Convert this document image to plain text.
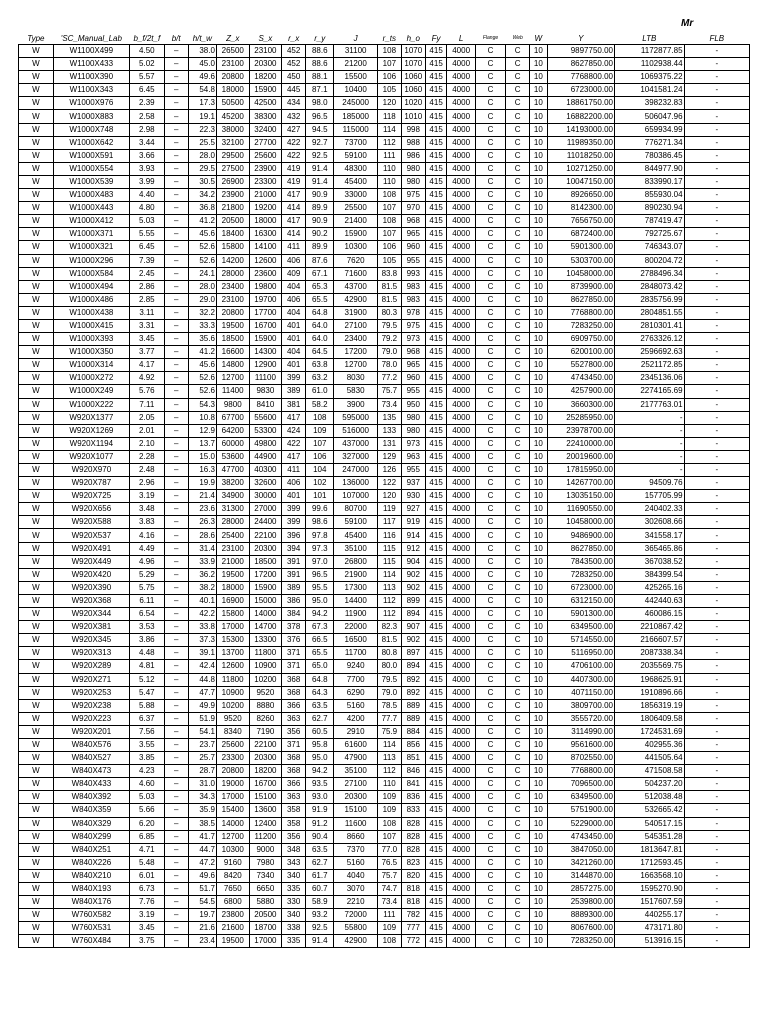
Mr
Type	'SC_Manual_Lab	b_f/2t_f	b/t	h/t_w	Z_x	S_x	r_x	r_y	J	r_ts	h_o	Fy	L	Flange	Web	W	Y	LTB	FLB
W	W1100X499	4.50	–	38.0	26500	23100	452	88.6	31100	108	1070	415	4000	C	C	10	9897750.00	1172877.85	-
W	W1100X433	5.02	–	45.0	23100	20300	452	88.6	21200	107	1070	415	4000	C	C	10	8627850.00	1102938.44	-
W	W1100X390	5.57	–	49.6	20800	18200	450	88.1	15500	106	1060	415	4000	C	C	10	7768800.00	1069375.22	-
W	W1100X343	6.45	–	54.8	18000	15900	445	87.1	10400	105	1060	415	4000	C	C	10	6723000.00	1041581.24	-
W	W1000X976	2.39	–	17.3	50500	42500	434	98.0	245000	120	1020	415	4000	C	C	10	18861750.00	398232.83	-
W	W1000X883	2.58	–	19.1	45200	38300	432	96.5	185000	118	1010	415	4000	C	C	10	16882200.00	506047.96	-
W	W1000X748	2.98	–	22.3	38000	32400	427	94.5	115000	114	998	415	4000	C	C	10	14193000.00	659934.99	-
W	W1000X642	3.44	–	25.5	32100	27700	422	92.7	73700	112	988	415	4000	C	C	10	11989350.00	776271.34	-
W	W1000X591	3.66	–	28.0	29500	25600	422	92.5	59100	111	986	415	4000	C	C	10	11018250.00	780386.45	-
W	W1000X554	3.93	–	29.5	27500	23900	419	91.4	48300	110	980	415	4000	C	C	10	10271250.00	844977.90	-
W	W1000X539	3.99	–	30.5	26900	23300	419	91.4	45400	110	980	415	4000	C	C	10	10047150.00	833990.17	-
W	W1000X483	4.40	–	34.2	23900	21000	417	90.9	33000	108	975	415	4000	C	C	10	8926650.00	855930.04	-
W	W1000X443	4.80	–	36.8	21800	19200	414	89.9	25500	107	970	415	4000	C	C	10	8142300.00	890230.94	-
W	W1000X412	5.03	–	41.2	20500	18000	417	90.9	21400	108	968	415	4000	C	C	10	7656750.00	787419.47	-
W	W1000X371	5.55	–	45.6	18400	16300	414	90.2	15900	107	965	415	4000	C	C	10	6872400.00	792725.67	-
W	W1000X321	6.45	–	52.6	15800	14100	411	89.9	10300	106	960	415	4000	C	C	10	5901300.00	746343.07	-
W	W1000X296	7.39	–	52.6	14200	12600	406	87.6	7620	105	955	415	4000	C	C	10	5303700.00	800204.72	-
W	W1000X584	2.45	–	24.1	28000	23600	409	67.1	71600	83.8	993	415	4000	C	C	10	10458000.00	2788496.34	-
W	W1000X494	2.86	–	28.0	23400	19800	404	65.3	43700	81.5	983	415	4000	C	C	10	8739900.00	2848073.42	-
W	W1000X486	2.85	–	29.0	23100	19700	406	65.5	42900	81.5	983	415	4000	C	C	10	8627850.00	2835756.99	-
W	W1000X438	3.11	–	32.2	20800	17700	404	64.8	31900	80.3	978	415	4000	C	C	10	7768800.00	2804851.55	-
W	W1000X415	3.31	–	33.3	19500	16700	401	64.0	27100	79.5	975	415	4000	C	C	10	7283250.00	2810301.41	-
W	W1000X393	3.45	–	35.6	18500	15900	401	64.0	23400	79.2	973	415	4000	C	C	10	6909750.00	2763326.12	-
W	W1000X350	3.77	–	41.2	16600	14300	404	64.5	17200	79.0	968	415	4000	C	C	10	6200100.00	2596692.63	-
W	W1000X314	4.17	–	45.6	14800	12900	401	63.8	12700	78.0	965	415	4000	C	C	10	5527800.00	2521172.85	-
W	W1000X272	4.92	–	52.6	12700	11100	399	63.2	8030	77.2	960	415	4000	C	C	10	4743450.00	2345136.06	-
W	W1000X249	5.76	–	52.6	11400	9830	389	61.0	5830	75.7	955	415	4000	C	C	10	4257900.00	2274165.69	-
W	W1000X222	7.11	–	54.3	9800	8410	381	58.2	3900	73.4	950	415	4000	C	C	10	3660300.00	2177763.01	-
W	W920X1377	2.05	–	10.8	67700	55600	417	108	595000	135	980	415	4000	C	C	10	25285950.00	-	-
W	W920X1269	2.01	–	12.9	64200	53300	424	109	516000	133	980	415	4000	C	C	10	23978700.00	-	-
W	W920X1194	2.10	–	13.7	60000	49800	422	107	437000	131	973	415	4000	C	C	10	22410000.00	-	-
W	W920X1077	2.28	–	15.0	53600	44900	417	106	327000	129	963	415	4000	C	C	10	20019600.00	-	-
W	W920X970	2.48	–	16.3	47700	40300	411	104	247000	126	955	415	4000	C	C	10	17815950.00	-	-
W	W920X787	2.96	–	19.9	38200	32600	406	102	136000	122	937	415	4000	C	C	10	14267700.00	94509.76	-
W	W920X725	3.19	–	21.4	34900	30000	401	101	107000	120	930	415	4000	C	C	10	13035150.00	157705.99	-
W	W920X656	3.48	–	23.6	31300	27000	399	99.6	80700	119	927	415	4000	C	C	10	11690550.00	240402.33	-
W	W920X588	3.83	–	26.3	28000	24400	399	98.6	59100	117	919	415	4000	C	C	10	10458000.00	302608.66	-
W	W920X537	4.16	–	28.6	25400	22100	396	97.8	45400	116	914	415	4000	C	C	10	9486900.00	341558.17	-
W	W920X491	4.49	–	31.4	23100	20300	394	97.3	35100	115	912	415	4000	C	C	10	8627850.00	365465.86	-
W	W920X449	4.96	–	33.9	21000	18500	391	97.0	26800	115	904	415	4000	C	C	10	7843500.00	367038.52	-
W	W920X420	5.29	–	36.2	19500	17200	391	96.5	21900	114	902	415	4000	C	C	10	7283250.00	384399.54	-
W	W920X390	5.75	–	38.2	18000	15900	389	95.5	17300	113	902	415	4000	C	C	10	6723000.00	425265.16	-
W	W920X368	6.11	–	40.1	16900	15000	386	95.0	14400	112	899	415	4000	C	C	10	6312150.00	442440.63	-
W	W920X344	6.54	–	42.2	15800	14000	384	94.2	11900	112	894	415	4000	C	C	10	5901300.00	460086.15	-
W	W920X381	3.53	–	33.8	17000	14700	378	67.3	22000	82.3	907	415	4000	C	C	10	6349500.00	2210867.42	-
W	W920X345	3.86	–	37.3	15300	13300	376	66.5	16500	81.5	902	415	4000	C	C	10	5714550.00	2166607.57	-
W	W920X313	4.48	–	39.1	13700	11800	371	65.5	11700	80.8	897	415	4000	C	C	10	5116950.00	2087338.34	-
W	W920X289	4.81	–	42.4	12600	10900	371	65.0	9240	80.0	894	415	4000	C	C	10	4706100.00	2035569.75	-
W	W920X271	5.12	–	44.8	11800	10200	368	64.8	7700	79.5	892	415	4000	C	C	10	4407300.00	1968625.91	-
W	W920X253	5.47	–	47.7	10900	9520	368	64.3	6290	79.0	892	415	4000	C	C	10	4071150.00	1910896.66	-
W	W920X238	5.88	–	49.9	10200	8880	366	63.5	5160	78.5	889	415	4000	C	C	10	3809700.00	1856319.19	-
W	W920X223	6.37	–	51.9	9520	8260	363	62.7	4200	77.7	889	415	4000	C	C	10	3555720.00	1806409.58	-
W	W920X201	7.56	–	54.1	8340	7190	356	60.5	2910	75.9	884	415	4000	C	C	10	3114990.00	1724531.69	-
W	W840X576	3.55	–	23.7	25600	22100	371	95.8	61600	114	856	415	4000	C	C	10	9561600.00	402955.36	-
W	W840X527	3.85	–	25.7	23300	20300	368	95.0	47900	113	851	415	4000	C	C	10	8702550.00	441505.64	-
W	W840X473	4.23	–	28.7	20800	18200	368	94.2	35100	112	846	415	4000	C	C	10	7768800.00	471508.58	-
W	W840X433	4.60	–	31.0	19000	16700	366	93.5	27100	110	841	415	4000	C	C	10	7096500.00	504237.20	-
W	W840X392	5.03	–	34.3	17000	15100	363	93.0	20300	109	836	415	4000	C	C	10	6349500.00	512038.48	-
W	W840X359	5.66	–	35.9	15400	13600	358	91.9	15100	109	833	415	4000	C	C	10	5751900.00	532665.42	-
W	W840X329	6.20	–	38.5	14000	12400	358	91.2	11600	108	828	415	4000	C	C	10	5229000.00	540517.15	-
W	W840X299	6.85	–	41.7	12700	11200	356	90.4	8660	107	828	415	4000	C	C	10	4743450.00	545351.28	-
W	W840X251	4.71	–	44.7	10300	9000	348	63.5	7370	77.0	828	415	4000	C	C	10	3847050.00	1813647.81	-
W	W840X226	5.48	–	47.2	9160	7980	343	62.7	5160	76.5	823	415	4000	C	C	10	3421260.00	1712593.45	-
W	W840X210	6.01	–	49.6	8420	7340	340	61.7	4040	75.7	820	415	4000	C	C	10	3144870.00	1663568.10	-
W	W840X193	6.73	–	51.7	7650	6650	335	60.7	3070	74.7	818	415	4000	C	C	10	2857275.00	1595270.90	-
W	W840X176	7.76	–	54.5	6800	5880	330	58.9	2210	73.4	818	415	4000	C	C	10	2539800.00	1517607.59	-
W	W760X582	3.19	–	19.7	23800	20500	340	93.2	72000	111	782	415	4000	C	C	10	8889300.00	440255.17	-
W	W760X531	3.45	–	21.6	21600	18700	338	92.5	55800	109	777	415	4000	C	C	10	8067600.00	473171.80	-
W	W760X484	3.75	–	23.4	19500	17000	335	91.4	42900	108	772	415	4000	C	C	10	7283250.00	513916.15	-
